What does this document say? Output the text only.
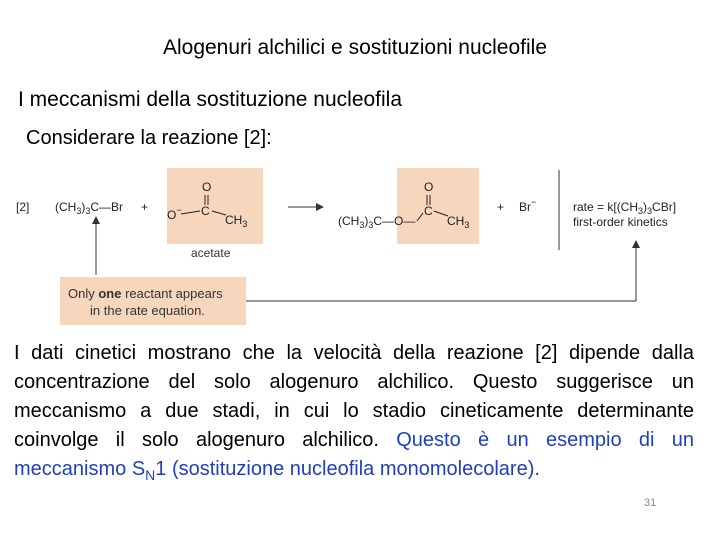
Alogenuri alchilici e sostituzioni nucleofile
I meccanismi della sostituzione nucleofila
Considerare la reazione [2]:
[2] $(CH_3)_3C—Br$ +
O
O− C
$CH_3$
acetate
O
$(CH_3)_3C—O—$
C
$CH_3$
+ Br−	rate = $k[(CH_3)_3CBr]$
first-order kinetics
Only one reactant appears
in the rate equation.
I dati cinetici mostrano che la velocità della reazione [2] dipende dalla concentrazione del solo alogenuro alchilico. Questo suggerisce un meccanismo a due stadi, in cui lo stadio cineticamente determinante coinvolge il solo alogenuro alchilico. Questo è un esempio di un meccanismo $S_N1$ (sostituzione nucleofila monomolecolare).
31
